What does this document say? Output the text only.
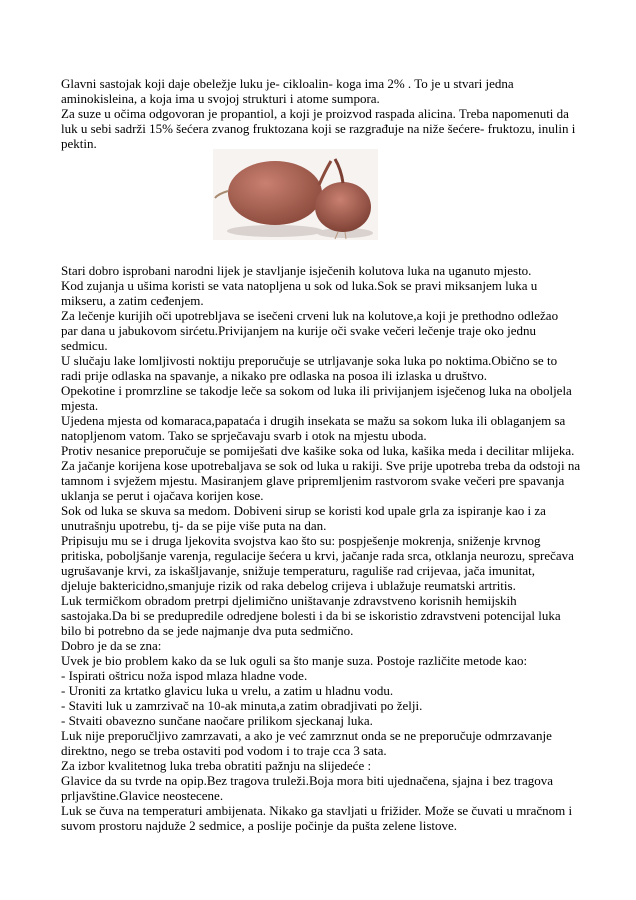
Glavni sastojak koji daje obeležje luku je- cikloalin- koga ima 2% . To je u stvari jedna

aminokisleina, a koja ima u svojoj strukturi i atome sumpora.

Za suze u očima odgovoran je propantiol, a koji je proizvod raspada alicina. Treba napomenuti da

luk u sebi sadrži 15% šećera zvanog fruktozana koji se razgrađuje na niže šećere- fruktozu, inulin i

pektin.

Stari dobro isprobani narodni lijek je stavljanje isječenih kolutova luka na uganuto mjesto.

Kod zujanja u ušima koristi se vata natopljena u sok od luka.Sok se pravi miksanjem luka u

mikseru, a zatim ceđenjem.

Za lečenje kurijih oči upotrebljava se isečeni crveni luk na kolutove,a koji je prethodno odležao

par dana u jabukovom sirćetu.Privijanjem na kurije oči svake večeri lečenje traje oko jednu

sedmicu.

U slučaju lake lomljivosti noktiju preporučuje se utrljavanje soka luka po noktima.Obično se to

radi prije odlaska na spavanje, a nikako pre odlaska na posoa ili izlaska u društvo.

Opekotine i promrzline se takodje leče sa sokom od luka ili privijanjem isječenog luka na oboljela

mjesta.

Ujedena mjesta od komaraca,papataća i drugih insekata se mažu sa sokom luka ili oblaganjem sa

natopljenom vatom. Tako se sprječavaju svarb i otok na mjestu uboda.

Protiv nesanice preporučuje se pomiješati dve kašike soka od luka, kašika meda i decilitar mlijeka.

Za jačanje korijena kose upotrebaljava se sok od luka u rakiji. Sve prije upotreba treba da odstoji na

tamnom i svježem mjestu. Masiranjem glave pripremljenim rastvorom svake večeri pre spavanja

uklanja se perut i ojačava korijen kose.

Sok od luka se skuva sa medom. Dobiveni sirup se koristi kod upale grla za ispiranje kao i za

unutrašnju upotrebu, tj- da se pije više puta na dan.

Pripisuju mu se i druga ljekovita svojstva kao što su: pospješenje mokrenja, sniženje krvnog

pritiska, poboljšanje varenja, regulacije šećera u krvi, jačanje rada srca, otklanja neurozu, sprečava

ugrušavanje krvi, za iskašljavanje, snižuje temperaturu, raguliše rad crijevaa, jača imunitat,

djeluje baktericidno,smanjuje rizik od raka debelog crijeva i ublažuje reumatski artritis.

Luk termičkom obradom pretrpi djelimično uništavanje zdravstveno korisnih hemijskih

sastojaka.Da bi se predupredile odredjene bolesti i da bi se iskoristio zdravstveni potencijal luka

bilo bi potrebno da se jede najmanje dva puta sedmično.

Dobro je da se zna:

Uvek je bio problem kako da se luk oguli sa što manje suza. Postoje različite metode kao:

- Ispirati oštricu noža ispod mlaza hladne vode.

- Uroniti za krtatko glavicu luka u vrelu, a zatim u hladnu vodu.

- Staviti luk u zamrzivač na 10-ak minuta,a zatim obradjivati po želji.

- Stvaiti obavezno sunčane naočare prilikom sjeckanaj luka.

Luk nije preporučljivo zamrzavati, a ako je već zamrznut onda se ne preporučuje odmrzavanje

direktno, nego se treba ostaviti pod vodom i to traje cca 3 sata.

Za izbor kvalitetnog luka treba obratiti pažnju na slijedeće :

Glavice da su tvrde na opip.Bez tragova truleži.Boja mora biti ujednačena, sjajna i bez tragova

prljavštine.Glavice neostecene.

Luk se čuva na temperaturi ambijenata. Nikako ga stavljati u frižider. Može se čuvati u mračnom i

suvom prostoru najduže 2 sedmice, a poslije počinje da pušta zelene listove.
